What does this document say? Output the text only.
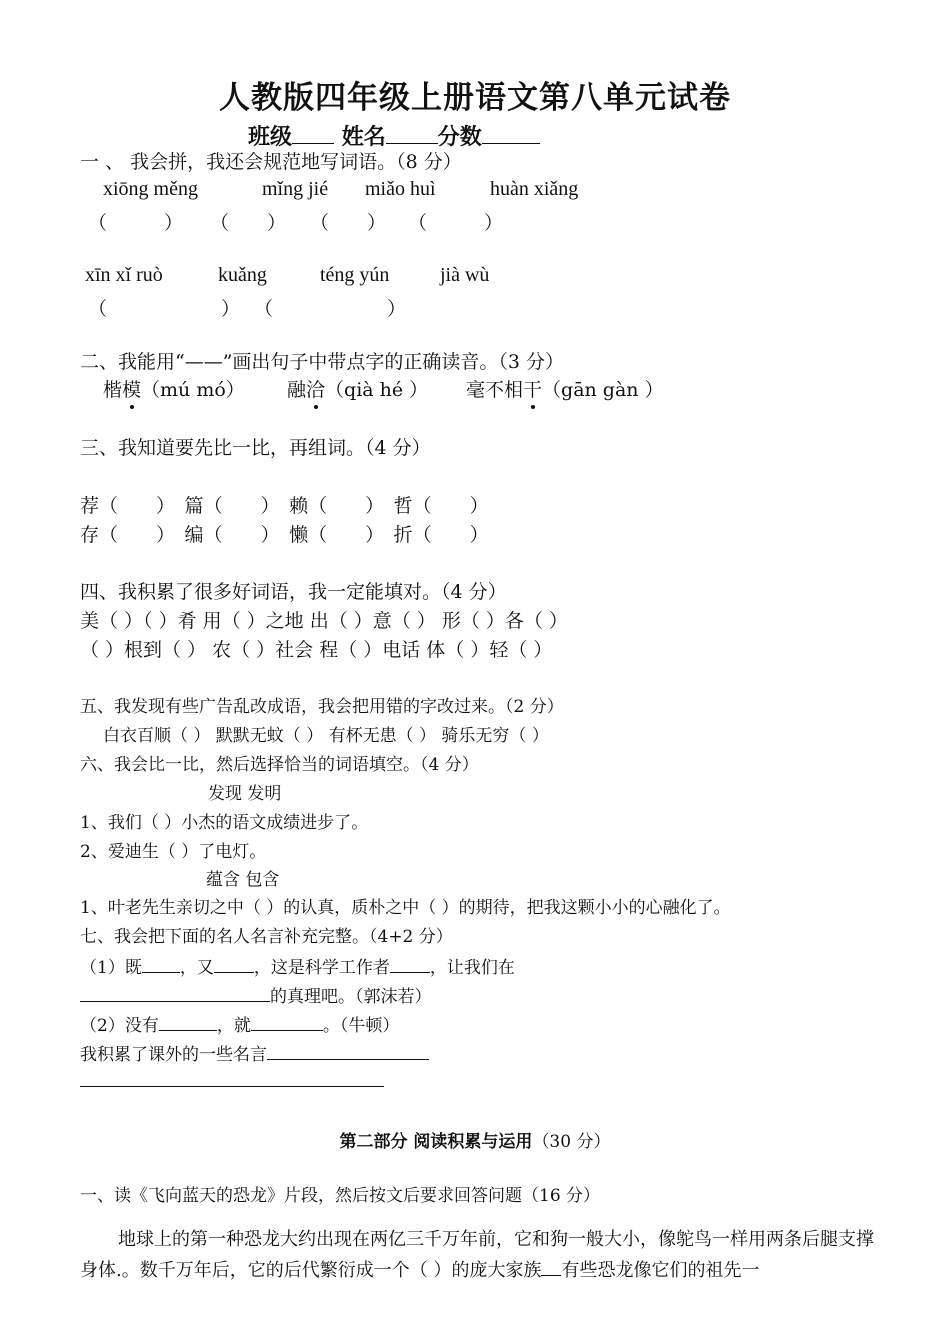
人教版四年级上册语文第八单元试卷
班级 姓名 分数
一 、 我会拼，我还会规范地写词语。（8 分）
xiōng měng	mǐng jié miǎo huì	huàn xiǎng
（　　　） （　　） （　　） （　　　）
xīn xǐ ruò	kuǎng	téng yún	jià wù
（　　　　　　） （　　　　　　）
二、我能用“——”画出句子中带点字的正确读音。（3 分）
楷模（mú mó） 融洽（qià hé ） 毫不相干（gān gàn ）
三、我知道要先比一比，再组词。（4 分）
荐（　　）　 篇（　　）　 赖（　　）　 哲（　　）
存（　　）　 编（　　）　 懒（　　）　 折（　　）
四、我积累了很多好词语，我一定能填对。（4 分）
美（ ）（ ）肴 用（ ）之地 出（ ）意（ ） 形（ ）各（ ）
（ ）根到（ ） 农（ ）社会 程（ ）电话 体（ ）轻（ ）
五、我发现有些广告乱改成语，我会把用错的字改过来。（2 分）
白衣百顺（ ） 默默无蚊（ ） 有杯无患（ ） 骑乐无穷（ ）
六、我会比一比，然后选择恰当的词语填空。（4 分）
发现 发明
1、我们（ ）小杰的语文成绩进步了。
2、爱迪生（ ）了电灯。
蕴含 包含
1、叶老先生亲切之中（ ）的认真，质朴之中（ ）的期待，把我这颗小小的心融化了。
七、我会把下面的名人名言补充完整。（4+2 分）
（1）既 ，又 ，这是科学工作者 ，让我们在
的真理吧。（郭沫若）
（2）没有	，就	。（牛顿）
我积累了课外的一些名言
第二部分 阅读积累与运用（30 分）
一、读《飞向蓝天的恐龙》片段，然后按文后要求回答问题（16 分）
地球上的第一种恐龙大约出现在两亿三千万年前，它和狗一般大小，像鸵鸟一样用两条后腿支撑身体.。数千万年后，它的后代繁衍成一个（ ）的庞大家族 有些恐龙像它们的祖先一
